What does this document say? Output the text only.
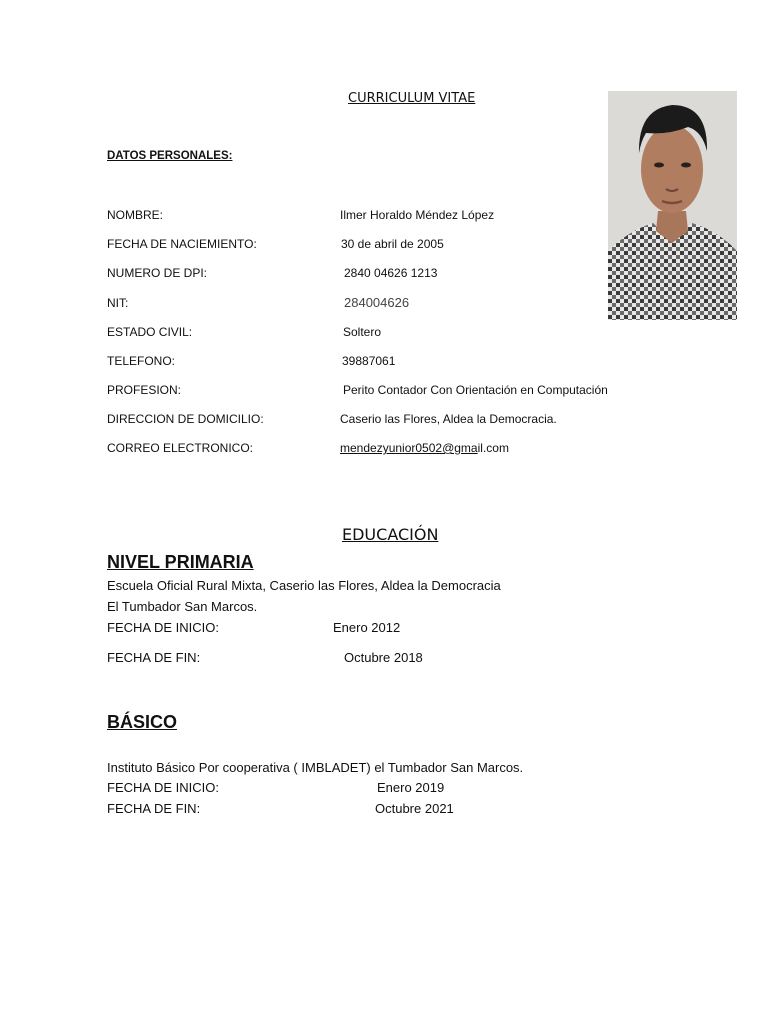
CURRICULUM VITAE
DATOS PERSONALES:
NOMBRE:	Ilmer Horaldo Méndez López
FECHA DE NACIEMIENTO:	30 de abril de 2005
NUMERO DE DPI:	2840 04626 1213
NIT:	284004626
ESTADO CIVIL:	Soltero
TELEFONO:	39887061
PROFESION:	Perito Contador Con Orientación en Computación
DIRECCION DE DOMICILIO:	Caserio las Flores, Aldea la Democracia.
CORREO ELECTRONICO:	mendezyunior0502@gmail.com
EDUCACIÓN
NIVEL PRIMARIA
Escuela Oficial Rural Mixta, Caserio las Flores, Aldea la Democracia
El Tumbador San Marcos.
FECHA DE INICIO:	Enero 2012
FECHA DE FIN:	Octubre 2018
BÁSICO
Instituto Básico Por cooperativa ( IMBLADET) el Tumbador San Marcos.
FECHA DE INICIO:	Enero 2019
FECHA DE FIN:	Octubre 2021
